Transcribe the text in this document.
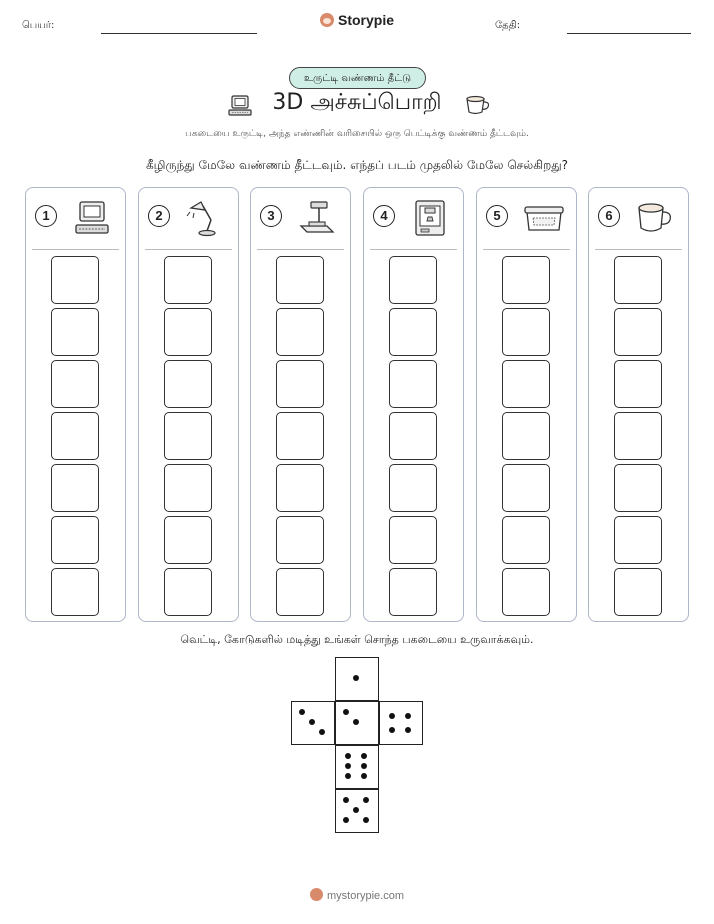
பெயர்:	Storypie	தேதி:
உருட்டி வண்ணம் தீட்டு
3D அச்சுப்பொறி
பகடையை உருட்டி, அந்த எண்ணின் வரிசையில் ஒரு பெட்டிக்கு வண்ணம் தீட்டவும்.
கீழிருந்து மேலே வண்ணம் தீட்டவும். எந்தப் படம் முதலில் மேலே செல்கிறது?
1	2	3	4	5	6
வெட்டி, கோடுகளில் மடித்து உங்கள் சொந்த பகடையை உருவாக்கவும்.
mystorypie.com
